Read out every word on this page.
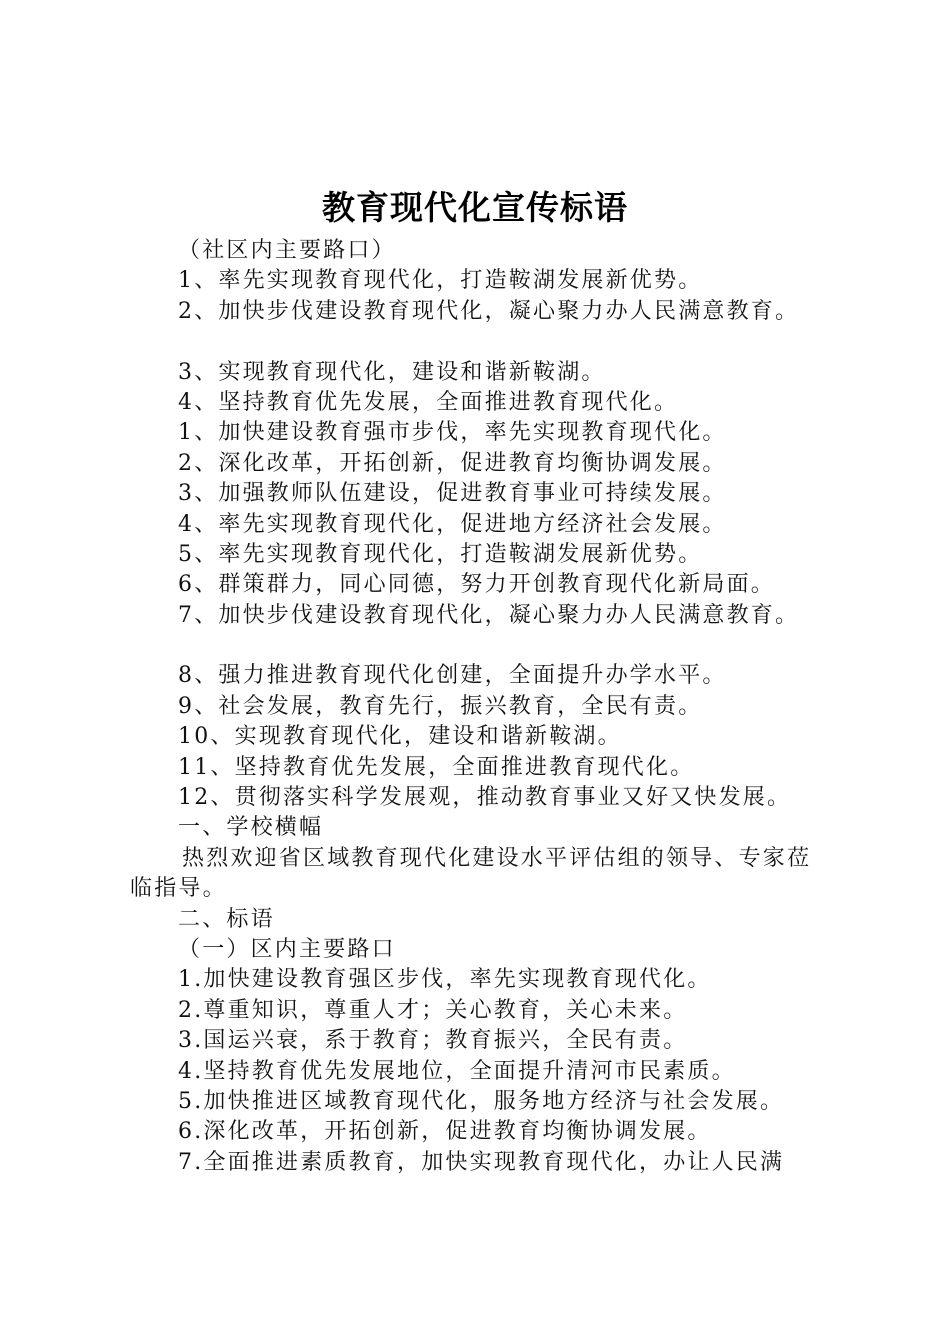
教育现代化宣传标语
（社区内主要路口）
1、率先实现教育现代化，打造鞍湖发展新优势。
2、加快步伐建设教育现代化，凝心聚力办人民满意教育。
3、实现教育现代化，建设和谐新鞍湖。
4、坚持教育优先发展，全面推进教育现代化。
1、加快建设教育强市步伐，率先实现教育现代化。
2、深化改革，开拓创新，促进教育均衡协调发展。
3、加强教师队伍建设，促进教育事业可持续发展。
4、率先实现教育现代化，促进地方经济社会发展。
5、率先实现教育现代化，打造鞍湖发展新优势。
6、群策群力，同心同德，努力开创教育现代化新局面。
7、加快步伐建设教育现代化，凝心聚力办人民满意教育。
8、强力推进教育现代化创建，全面提升办学水平。
9、社会发展，教育先行，振兴教育，全民有责。
10、实现教育现代化，建设和谐新鞍湖。
11、坚持教育优先发展，全面推进教育现代化。
12、贯彻落实科学发展观，推动教育事业又好又快发展。
一、学校横幅
热烈欢迎省区域教育现代化建设水平评估组的领导、专家莅临指导。
二、标语
（一）区内主要路口
1.加快建设教育强区步伐，率先实现教育现代化。
2.尊重知识，尊重人才；关心教育，关心未来。
3.国运兴衰，系于教育；教育振兴，全民有责。
4.坚持教育优先发展地位，全面提升清河市民素质。
5.加快推进区域教育现代化，服务地方经济与社会发展。
6.深化改革，开拓创新，促进教育均衡协调发展。
7.全面推进素质教育，加快实现教育现代化，办让人民满
